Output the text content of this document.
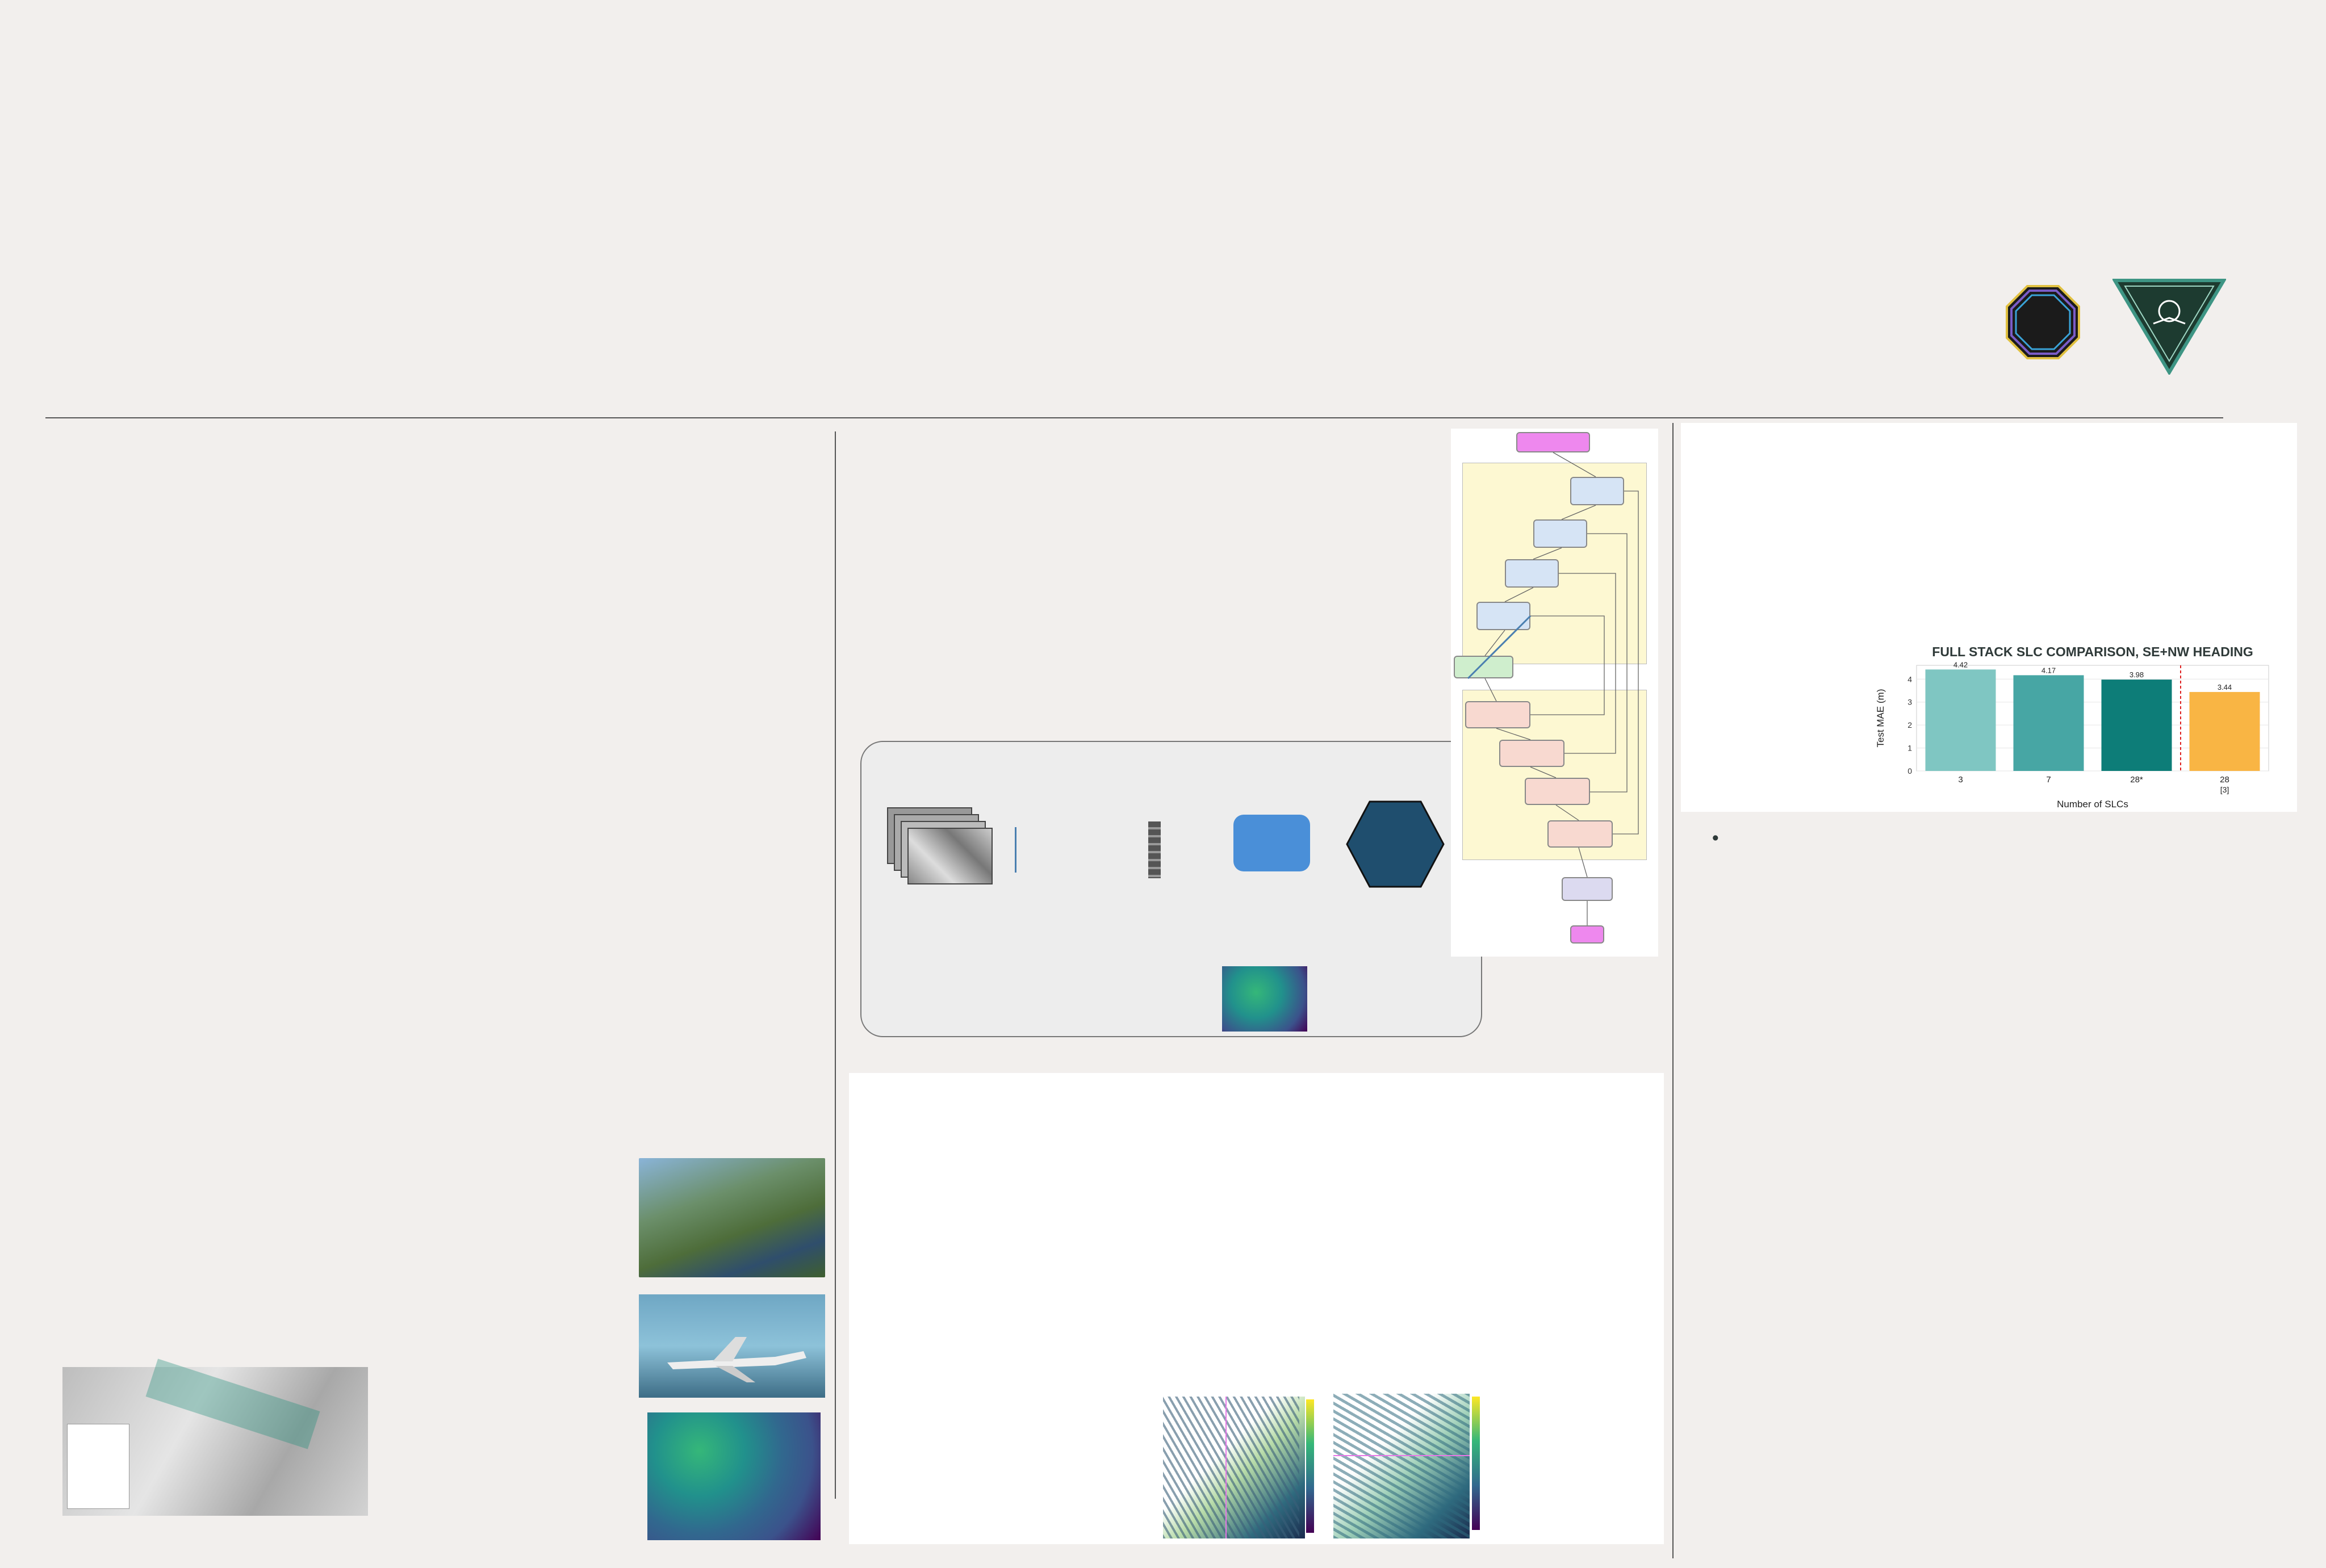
0
1
2
3
4
4.42
3
4.17
7
3.98
28*
3.44
28
[3]
FULL STACK SLC COMPARISON, SE+NW HEADING
Number of SLCs
Test MAE (m)
